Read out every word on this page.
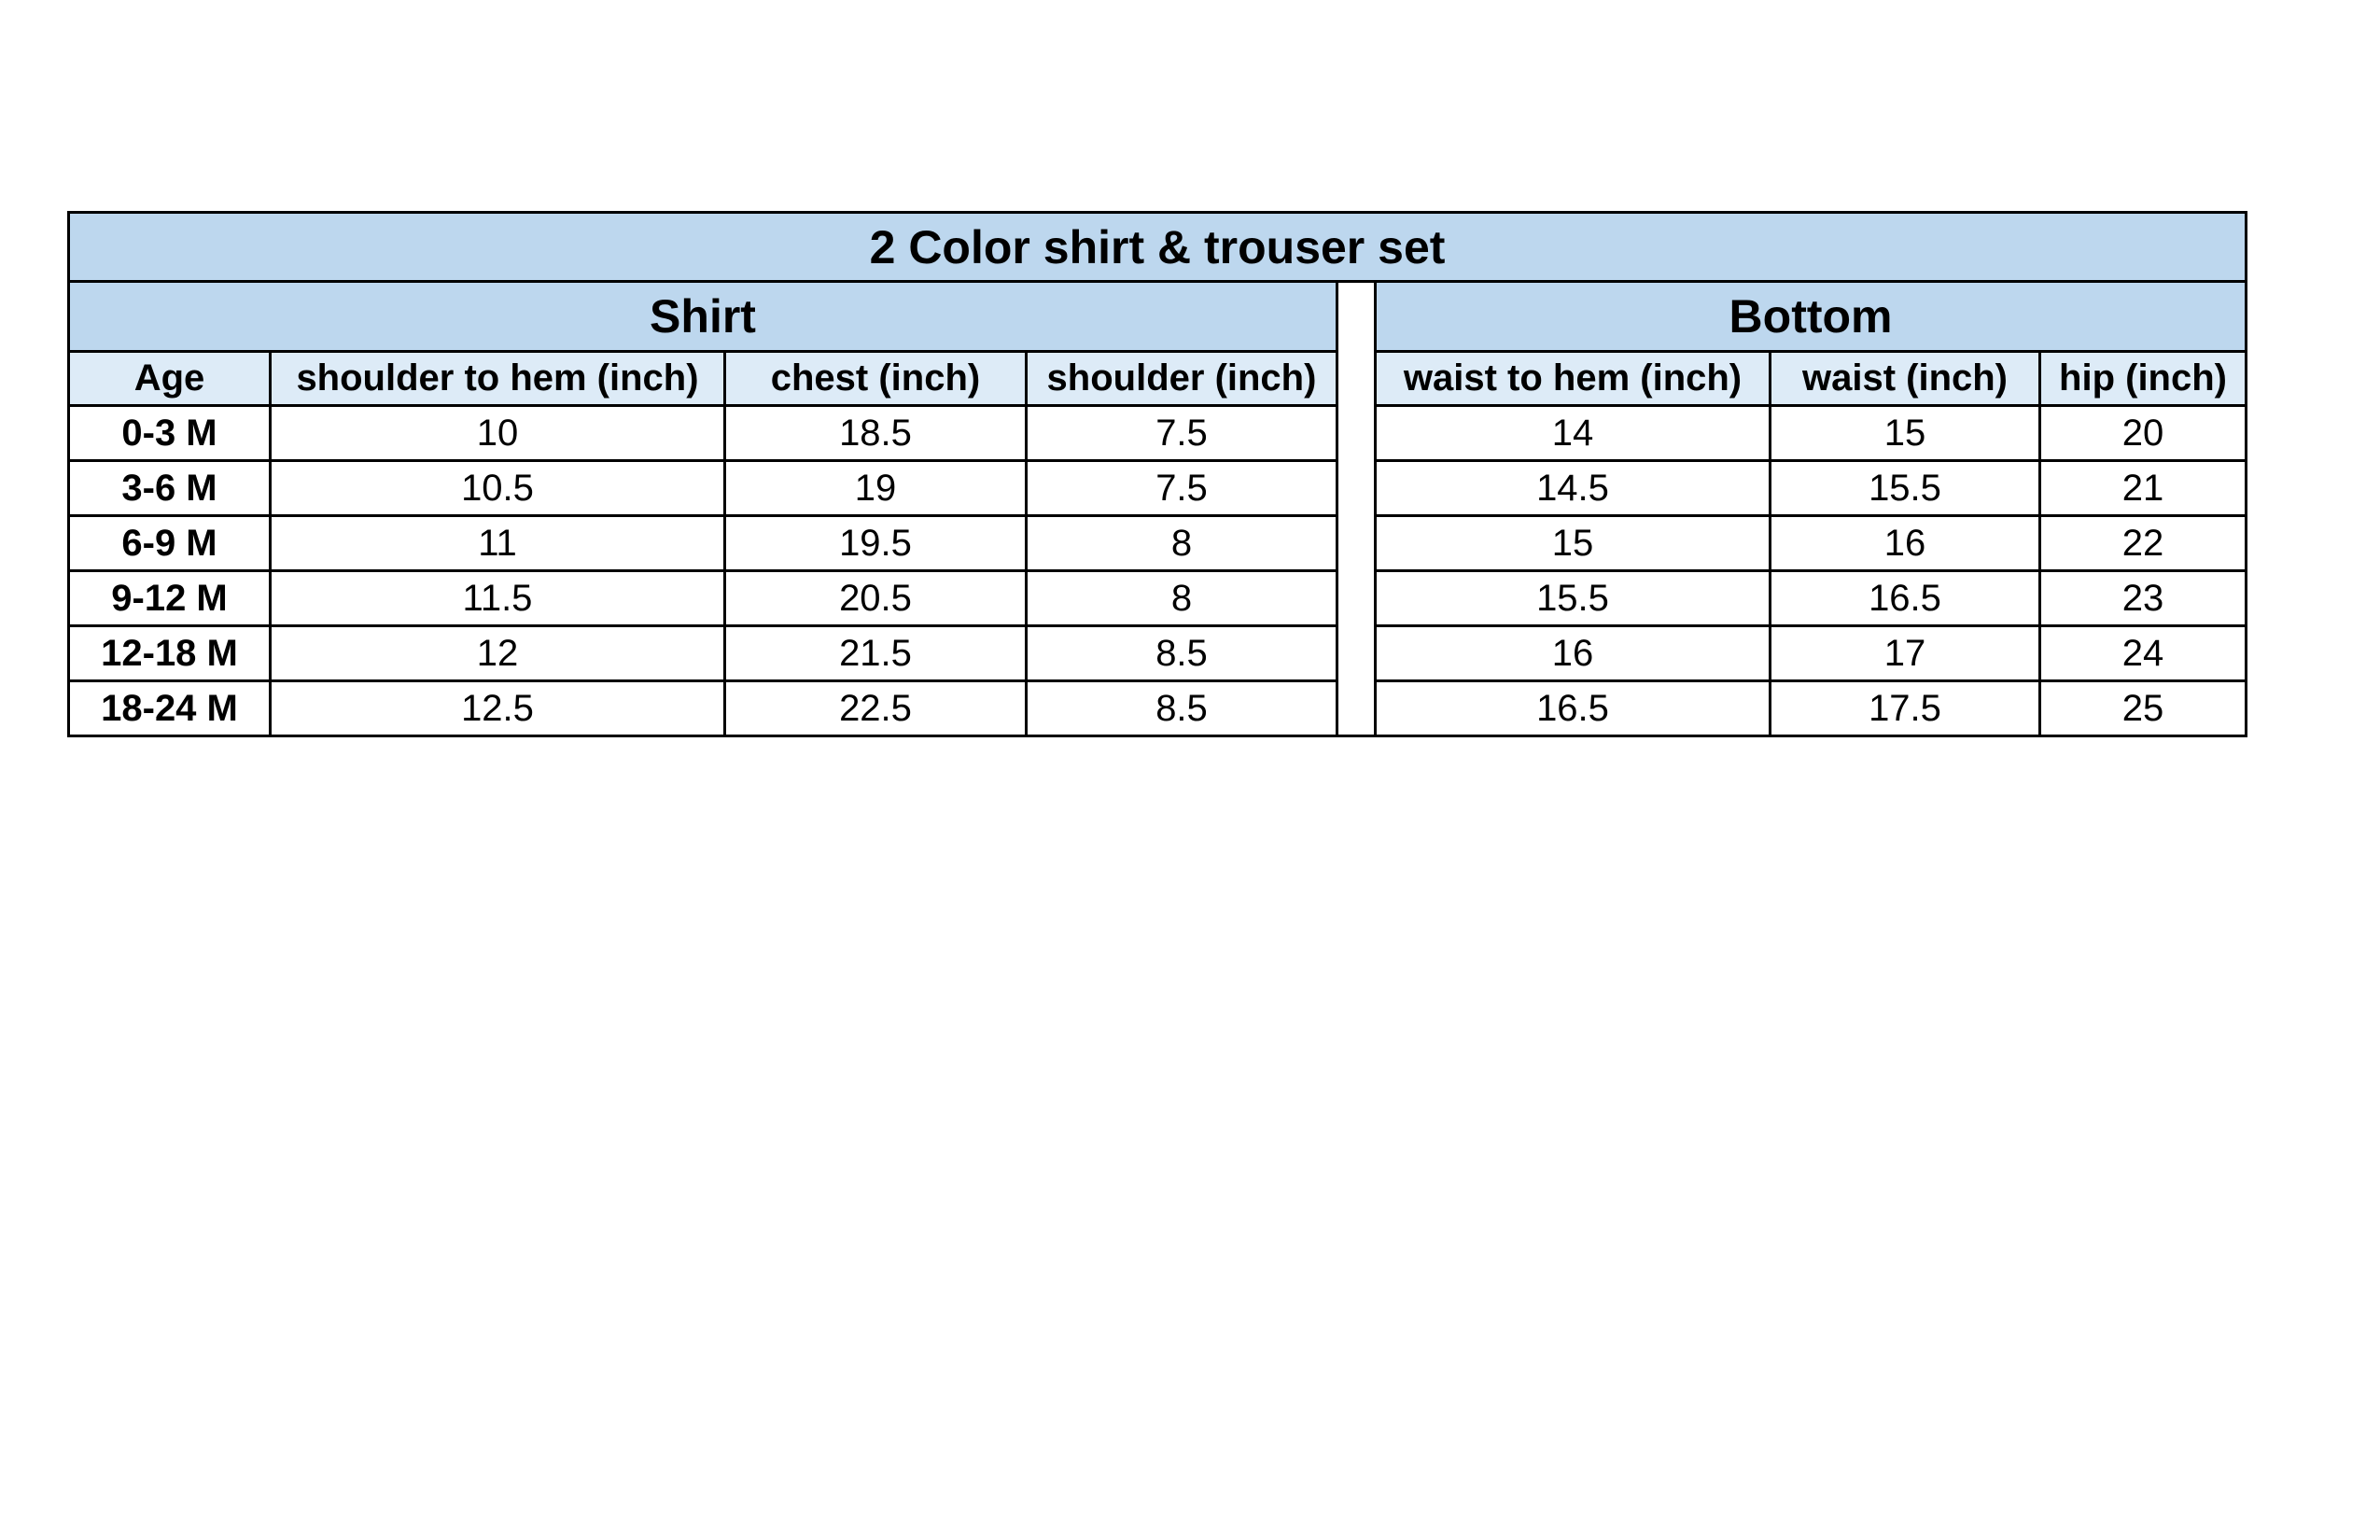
2 Color shirt & trouser set							
Shirt					Bottom		
Age	shoulder to hem (inch)	chest (inch)	shoulder (inch)		waist to hem (inch)	waist (inch)	hip (inch)
0-3 M	10	18.5	7.5		14	15	20
3-6 M	10.5	19	7.5		14.5	15.5	21
6-9 M	11	19.5	8		15	16	22
9-12 M	11.5	20.5	8		15.5	16.5	23
12-18 M	12	21.5	8.5		16	17	24
18-24 M	12.5	22.5	8.5		16.5	17.5	25
